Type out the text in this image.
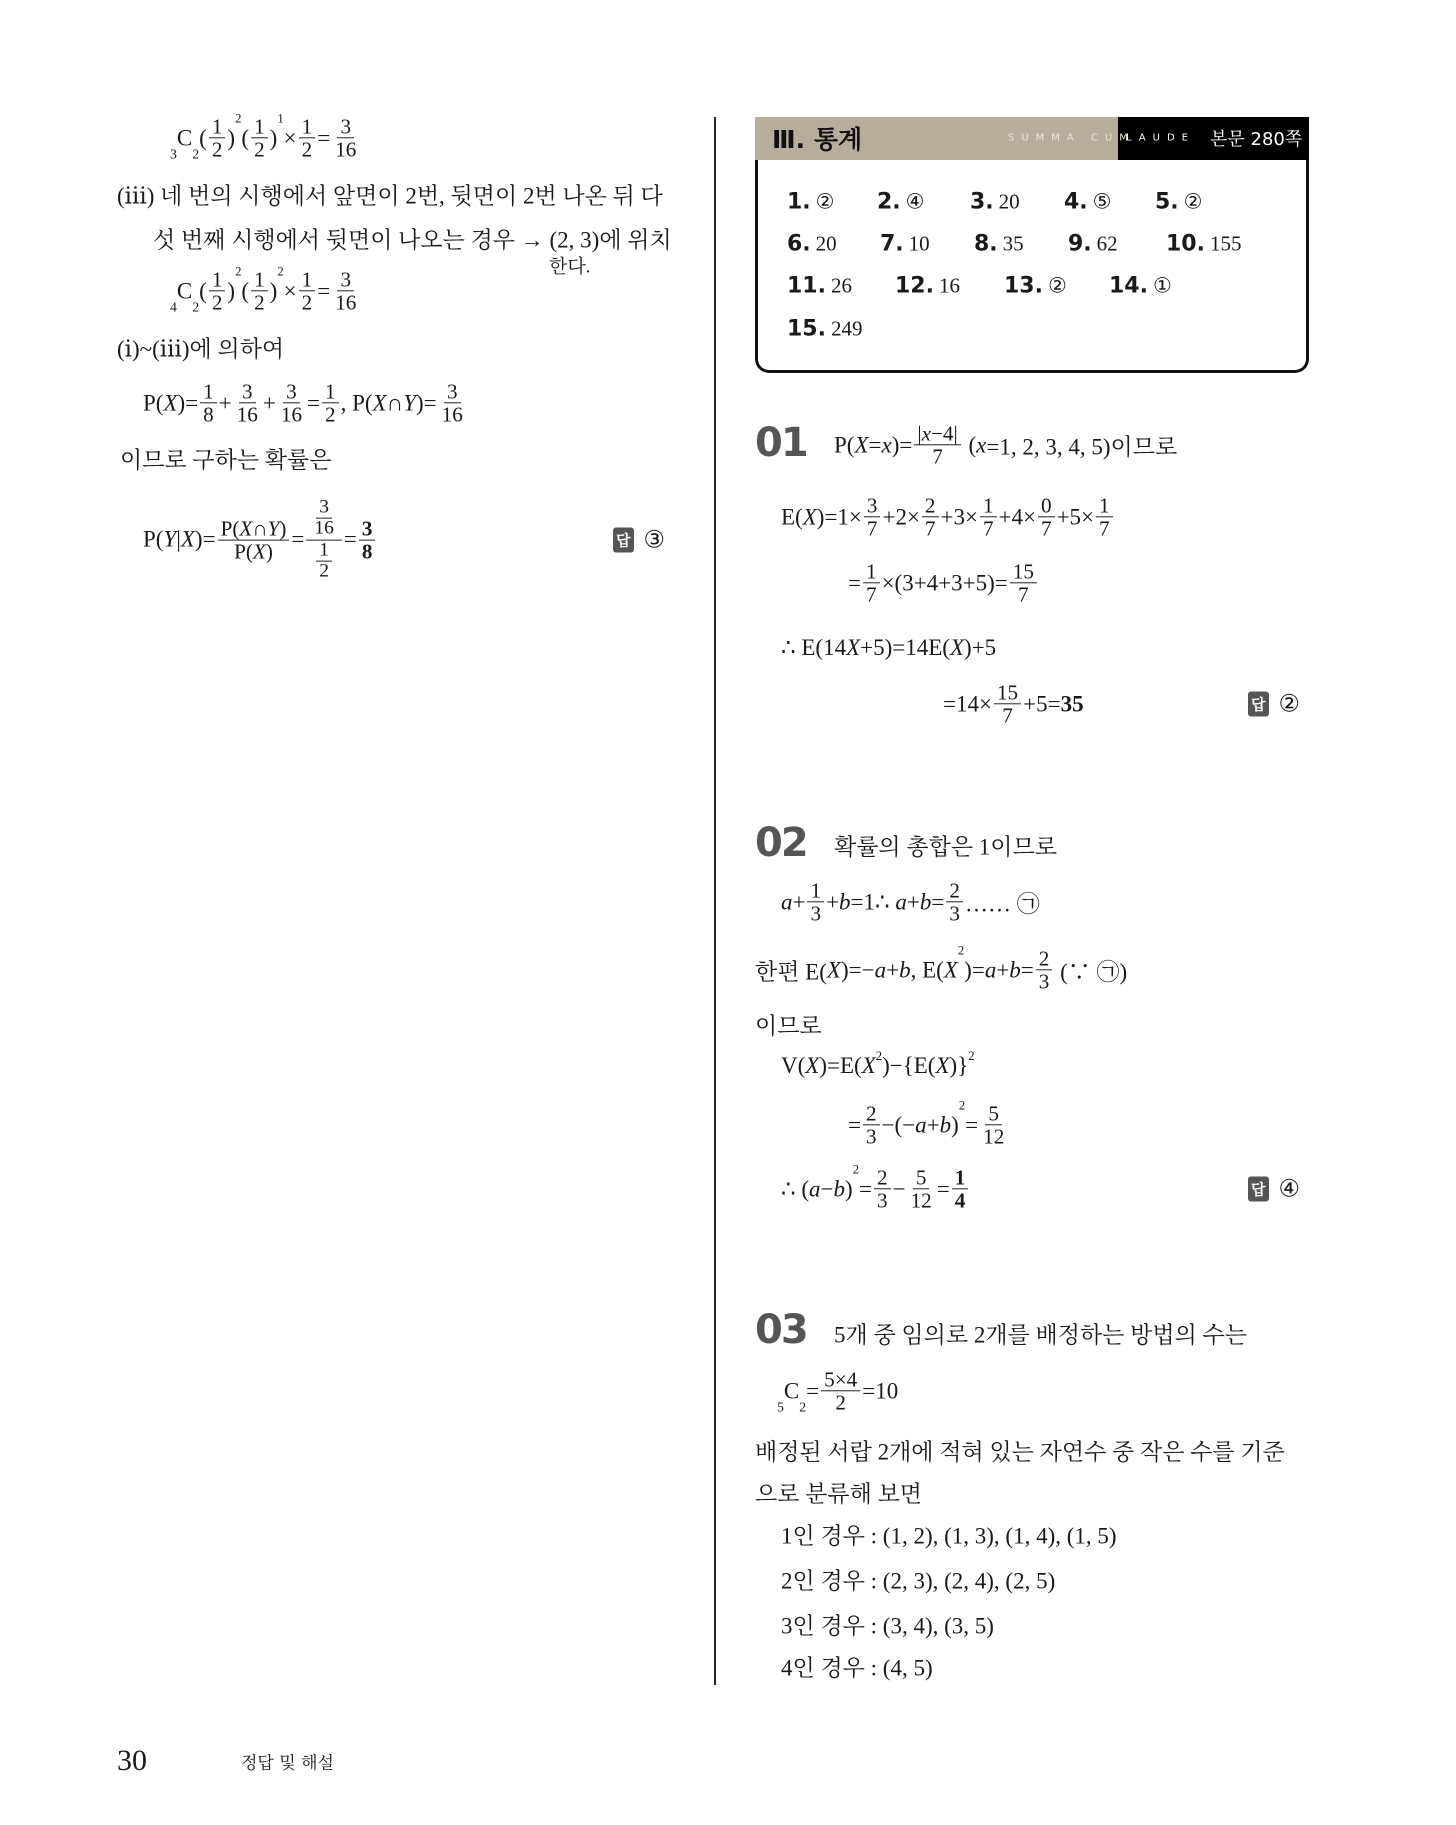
3
C
2
( $\frac{1}{2}$ )
2
( $\frac{1}{2}$ )
1
× $\frac{1}{2} = \frac{3}{16}$
(ⅲ) 네 번의 시행에서 앞면이 2번, 뒷면이 2번 나온 뒤 다
섯 번째 시행에서 뒷면이 나오는 경우 → (2, 3)에 위치
한다.
4
C
2
( $\frac{1}{2}$ )
2
( $\frac{1}{2}$ )
2
× $\frac{1}{2} = \frac{3}{16}$
(ⅰ)~(ⅲ)에 의하여
P( X )= $\frac{1}{8} + \frac{3}{16} + \frac{3}{16} = \frac{1}{2}$ , P( X ∩ Y )= $\frac{3}{16}$
이므로 구하는 확률은
P( Y | X )= $\frac{P( X \cap Y )}{P( X )} = \frac{\frac{3}{16}}{\frac{1}{2}} = \frac{3}{8}$	답 ③
Ⅲ. 통계	SUMMA CUM
LAUDE 본문 280쪽
1. ② 2. ④ 3. 20 4. ⑤ 5. ②
6. 20 7. 10 8. 35 9. 62 10. 155
11. 26 12. 16 13. ② 14. ①
15. 249
01 P( X = x )= $\frac{| x -4|}{7}$ ( x =1, 2, 3, 4, 5)이므로
E( X )$=1\times \frac{3}{7} +2\times \frac{2}{7} +3\times \frac{1}{7} +4\times \frac{0}{7} +5\times \frac{1}{7}$
= $\frac{1}{7} \times(3+4+3+5)= \frac{15}{7}$
∴ E(14 X +5)=14E( X )+5
$=14\times \frac{15}{7} +5= 35$	답 ②
02 확률의 총합은 1이므로
$a + \frac{1}{3} + b =1$ ∴ $a + b = \frac{2}{3}$ …… ㉠
한편 E( X )=− a + b , E( X
2
)= $a + b = \frac{2}{3}$ (∵ ㉠)
이므로
V( X )=E( X 2 )−{E( X )} 2
= $\frac{2}{3}$ −(− a + b )
2
= $\frac{5}{12}$
∴ ( a − b )
2
= $\frac{2}{3} - \frac{5}{12} = \frac{1}{4}$	답 ④
03 5개 중 임의로 2개를 배정하는 방법의 수는
5
C
2
= $\frac{5\times 4}{2} =10$
배정된 서랍 2개에 적혀 있는 자연수 중 작은 수를 기준
으로 분류해 보면
1인 경우 : (1, 2), (1, 3), (1, 4), (1, 5)
2인 경우 : (2, 3), (2, 4), (2, 5)
3인 경우 : (3, 4), (3, 5)
4인 경우 : (4, 5)
30	정답 및 해설
